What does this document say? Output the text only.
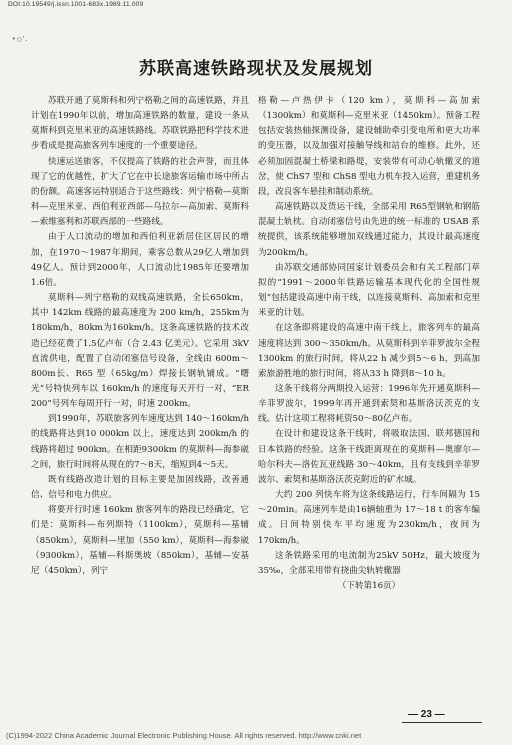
DOI:10.19549/j.issn.1001-683x.1989.11.009
•○'.
苏联高速铁路现状及发展规划

苏联开通了莫斯科和列宁格勒之间的高速铁路，并且计划在1990年以前，增加高速铁路的数量，建设一条从莫斯科到克里米亚的高速铁路线。苏联铁路把科学技术进步看成是提高旅客列车速度的一个重要途径。

快速运送旅客，不仅提高了铁路的社会声誉，而且体现了它的优越性，扩大了它在中长途旅客运输市场中所占的份额。高速客运特别适合于这些路线：列宁格勒—莫斯科—克里米亚、西伯利亚西部—乌拉尔—高加索、莫斯科—索维塞利和苏联西部的一些路线。

由于人口流动的增加和西伯利亚新居住区居民的增加，在1970～1987年期间，乘客总数从29亿人增加到49亿人。预计到2000年，人口流动比1985年还要增加1.6倍。

莫斯科—列宁格勒的双线高速铁路，全长650km，其中 142km 线路的最高速度为 200 km/h，255km为180km/h，80km为160km/h。这条高速铁路的技术改造已经花费了1.5亿卢布（合 2.43 亿美元）。它采用 3kV 直流供电，配置了自动闭塞信号设备，全线由 600m～800m长、R65 型（65kg/m）焊接长钢轨铺成。“曙光”号特快列车以 160km/h 的速度每天开行一对，“ER 200”号列车每周开行一对，时速 200km。

到1990年，苏联旅客列车速度达到 140～160km/h的线路将达到10 000km 以上，速度达到 200km/h 的线路将超过 900km。在相距9300km 的莫斯科—海参崴之间，旅行时间将从现在的7～8天，缩短到4～5天。

既有线路改造计划的目标主要是加固线路，改善通信、信号和电力供应。

将要开行时速 160km 旅客列车的路段已经确定，它们是：莫斯科—布列斯特（1100km），莫斯科—基辅（850km），莫斯科—里加（550 km），莫斯科—海参崴（9300km），基辅—科斯奥坡（850km），基辅—安基尼（450km），列宁

格勒—卢热伊卡（120 km），莫斯科—高加索（1300km）和莫斯科—克里米亚（1450km）。预备工程包括安装热轴探测设备，建设辅助牵引变电所和更大功率的变压器，以及加强对接触导线和站台的维修。此外，还必须加固混凝土桥梁和路堤，安装带有可动心轨辙叉的道岔，使 ChS7 型和 ChS8 型电力机车投入运营，重建机务段，改良客车悬挂和制动系统。

高速铁路以及货运干线，全部采用 R65型钢轨和钢筋混凝土轨枕。自动闭塞信号由先进的统一标准的 USAB 系统提供，该系统能够增加双线通过能力，其设计最高速度为200km/h。

由苏联交通部协同国家计划委员会和有关工程部门草拟的“1991～2000年铁路运输基本现代化的全国性规划”包括建设高速中南干线，以连接莫斯科、高加索和克里米亚的计划。

在这条即将建设的高速中南干线上，旅客列车的最高速度将达到 300～350km/h。从莫斯科到辛菲罗波尔全程 1300km 的旅行时间，将从22 h 减少到5～6 h，到高加索旅游胜地的旅行时间，将从33 h 降到8～10 h。

这条干线将分两期投入运营：1996年先开通莫斯科—辛菲罗波尔，1999年再开通到索契和基斯洛沃茨克的支线。估计这项工程将耗资50～80亿卢布。

在设计和建设这条干线时，将吸取法国、联邦德国和日本铁路的经验。这条干线距离现在的莫斯科—奥廖尔—哈尔科夫—洛佐瓦亚线路 30～40km，且有支线到辛菲罗波尔、索契和基斯洛沃茨克附近的矿水城。

大约 200 列快车将为这条线路运行，行车间隔为 15～20min。高速列车是由16辆轴重为 17～18 t 的客车编成。日间特别快车平均速度为230km/h，夜间为170km/h。

这条铁路采用的电流制为25kV 50Hz，最大坡度为35‰，全部采用带有挠曲尖轨转辙器

（下转第16页）

— 23 —
(C)1994-2022 China Academic Journal Electronic Publishing House. All rights reserved. http://www.cnki.net
